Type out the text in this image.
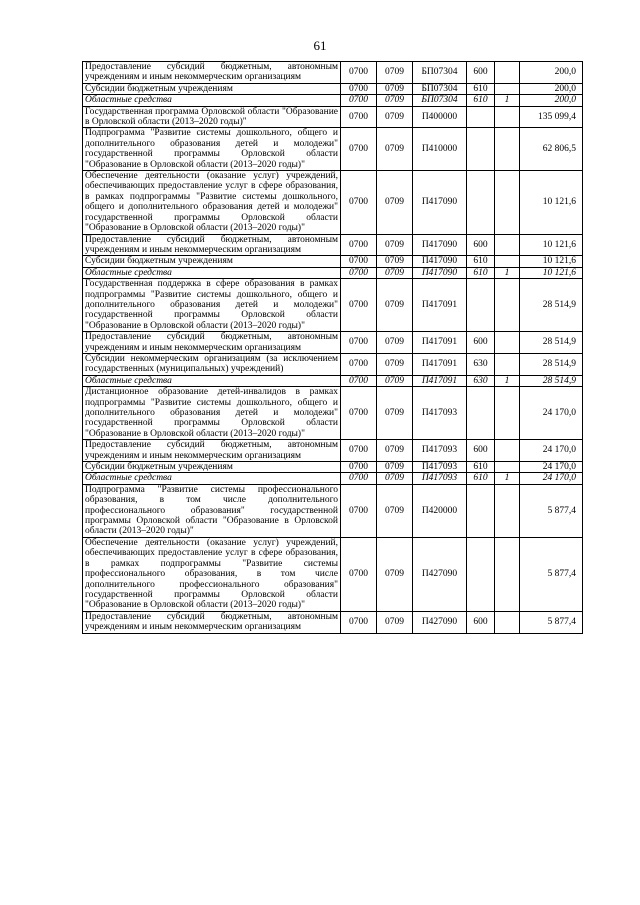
61
Предоставление субсидий бюджетным, автономным учреждениям и иным некоммерческим организациям	0700	0709	БП07304	600		200,0
Субсидии бюджетным учреждениям	0700	0709	БП07304	610		200,0
Областные средства	0700	0709	БП07304	610	1	200,0
Государственная программа Орловской области "Образование в Орловской области (2013–2020 годы)"	0700	0709	П400000			135 099,4
Подпрограмма "Развитие системы дошкольного, общего и дополнительного образования детей и молодежи" государственной программы Орловской области "Образование в Орловской области (2013–2020 годы)"	0700	0709	П410000			62 806,5
Обеспечение деятельности (оказание услуг) учреждений, обеспечивающих предоставление услуг в сфере образования, в рамках подпрограммы "Развитие системы дошкольного, общего и дополнительного образования детей и молодежи" государственной программы Орловской области "Образование в Орловской области (2013–2020 годы)"	0700	0709	П417090			10 121,6
Предоставление субсидий бюджетным, автономным учреждениям и иным некоммерческим организациям	0700	0709	П417090	600		10 121,6
Субсидии бюджетным учреждениям	0700	0709	П417090	610		10 121,6
Областные средства	0700	0709	П417090	610	1	10 121,6
Государственная поддержка в сфере образования в рамках подпрограммы "Развитие системы дошкольного, общего и дополнительного образования детей и молодежи" государственной программы Орловской области "Образование в Орловской области (2013–2020 годы)"	0700	0709	П417091			28 514,9
Предоставление субсидий бюджетным, автономным учреждениям и иным некоммерческим организациям	0700	0709	П417091	600		28 514,9
Субсидии некоммерческим организациям (за исключением государственных (муниципальных) учреждений)	0700	0709	П417091	630		28 514,9
Областные средства	0700	0709	П417091	630	1	28 514,9
Дистанционное образование детей-инвалидов в рамках подпрограммы "Развитие системы дошкольного, общего и дополнительного образования детей и молодежи" государственной программы Орловской области "Образование в Орловской области (2013–2020 годы)"	0700	0709	П417093			24 170,0
Предоставление субсидий бюджетным, автономным учреждениям и иным некоммерческим организациям	0700	0709	П417093	600		24 170,0
Субсидии бюджетным учреждениям	0700	0709	П417093	610		24 170,0
Областные средства	0700	0709	П417093	610	1	24 170,0
Подпрограмма "Развитие системы профессионального образования, в том числе дополнительного профессионального образования" государственной программы Орловской области "Образование в Орловской области (2013–2020 годы)"	0700	0709	П420000			5 877,4
Обеспечение деятельности (оказание услуг) учреждений, обеспечивающих предоставление услуг в сфере образования, в рамках подпрограммы "Развитие системы профессионального образования, в том числе дополнительного профессионального образования" государственной программы Орловской области "Образование в Орловской области (2013–2020 годы)"	0700	0709	П427090			5 877,4
Предоставление субсидий бюджетным, автономным учреждениям и иным некоммерческим организациям	0700	0709	П427090	600		5 877,4
